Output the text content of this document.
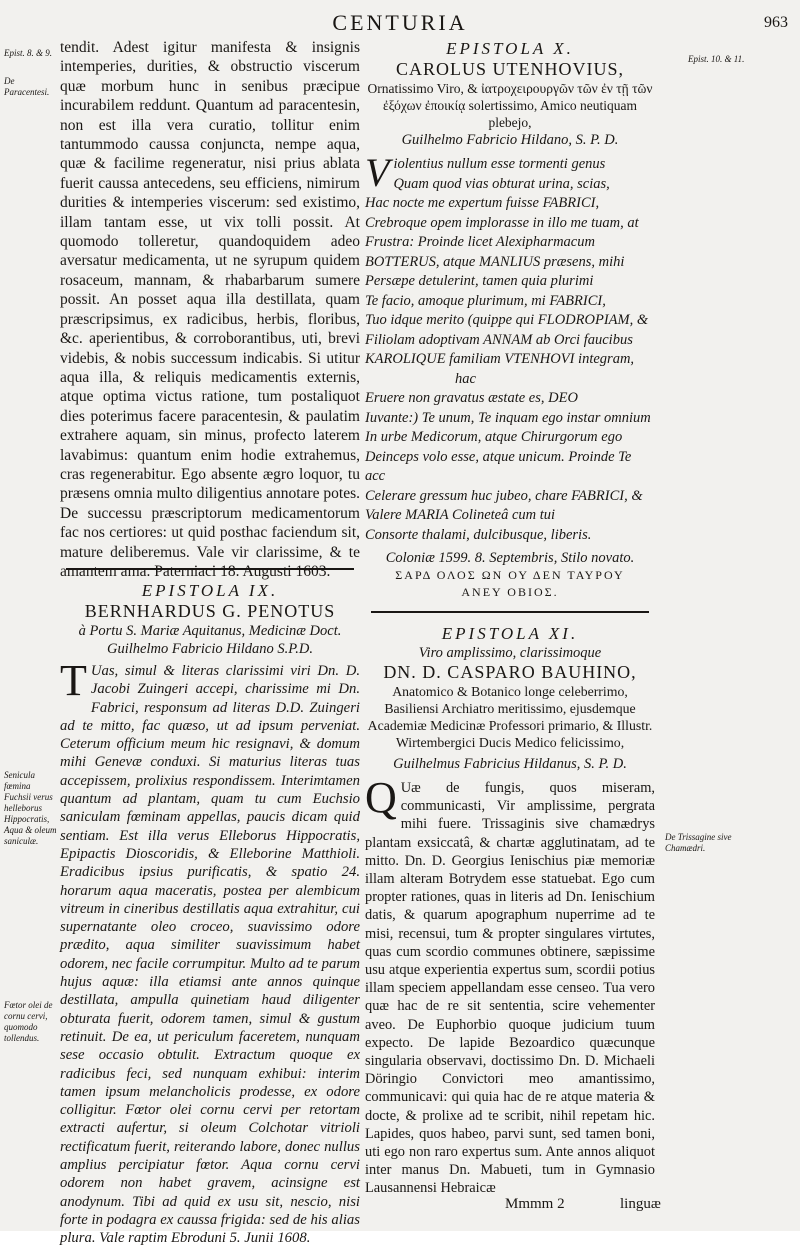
CENTURIA	963
Epist. 8. & 9.
De Paracentesi.
Senicula fœmina Fuchsii verus helleborus Hippocratis, Aqua & oleum saniculæ.
Fœtor olei de cornu cervi, quomodo tollendus.
Epist. 10. & 11.
De Trissagine sive Chamædri.

tendit. Adest igitur manifesta & insignis intemperies, durities, & obstructio viscerum quæ morbum hunc in senibus præcipue incurabilem reddunt. Quantum ad paracentesin, non est illa vera curatio, tollitur enim tantummodo caussa conjuncta, nempe aqua, quæ & facilime regeneratur, nisi prius ablata fuerit caussa antecedens, seu efficiens, nimirum durities & intemperies viscerum: sed existimo, illam tantam esse, ut vix tolli possit. At quomodo tolleretur, quandoquidem adeo aversatur medicamenta, ut ne syrupum quidem rosaceum, mannam, & rhabarbarum sumere possit. An posset aqua illa destillata, quam præscripsimus, ex radicibus, herbis, floribus, &c. aperientibus, & corroborantibus, uti, brevi videbis, & nobis successum indicabis. Si utitur aqua illa, & reliquis medicamentis externis, atque optima victus ratione, tum postaliquot dies poterimus facere paracentesin, & paulatim extrahere aquam, sin minus, profecto laterem lavabimus: quantum enim hodie extrahemus, cras regenerabitur. Ego absente ægro loquor, tu præsens omnia multo diligentius annotare potes. De successu præscriptorum medicamentorum fac nos certiores: ut quid posthac faciendum sit, mature deliberemus. Vale vir clarissime, & te amantem ama. Paterniaci 18. Augusti 1603.

EPISTOLA IX.

BERNHARDUS G. PENOTUS

à Portu S. Mariæ Aquitanus, Medicinæ Doct.

Guilhelmo Fabricio Hildano S.P.D.

T Uas, simul & literas clarissimi viri Dn. D. Jacobi Zuingeri accepi, charissime mi Dn. Fabrici, responsum ad literas D.D. Zuingeri ad te mitto, fac quæso, ut ad ipsum perveniat. Ceterum officium meum hic resignavi, & domum mihi Genevæ conduxi. Si maturius literas tuas accepissem, prolixius respondissem. Interimtamen quantum ad plantam, quam tu cum Euchsio saniculam fœminam appellas, paucis dicam quid sentiam. Est illa verus Elleborus Hippocratis, Epipactis Dioscoridis, & Elleborine Matthioli. Eradicibus ipsius purificatis, & spatio 24. horarum aqua maceratis, postea per alembicum vitreum in cineribus destillatis aqua extrahitur, cui supernatante oleo croceo, suavissimo odore prædito, aqua similiter suavissimum habet odorem, nec facile corrumpitur. Multo ad te parum hujus aquæ: illa etiamsi ante annos quinque destillata, ampulla quinetiam haud diligenter obturata fuerit, odorem tamen, simul & gustum retinuit. De ea, ut periculum faceretem, nunquam sese occasio obtulit. Extractum quoque ex radicibus feci, sed nunquam exhibui: interim tamen ipsum melancholicis prodesse, ex odore colligitur. Fœtor olei cornu cervi per retortam extracti aufertur, si oleum Colchotar vitrioli rectificatum fuerit, reiterando labore, donec nullus amplius percipiatur fœtor. Aqua cornu cervi odorem non habet gravem, acinsigne est anodynum. Tibi ad quid ex usu sit, nescio, nisi forte in podagra ex caussa frigida: sed de his alias plura. Vale raptim Ebroduni 5. Junii 1608.

EPISTOLA X.

CAROLUS UTENHOVIUS,

Ornatissimo Viro, & ἰατροχειρουργῶν τῶν ἐν τῇ τῶν ἐξόχων ἐποικίᾳ solertissimo, Amico neutiquam plebejo,

Guilhelmo Fabricio Hildano, S. P. D.

V iolentius nullum esse tormenti genus
Quam quod vias obturat urina, scias,
Hac nocte me expertum fuisse FABRICI,
Crebroque opem implorasse in illo me tuam, at
Frustra: Proinde licet Alexipharmacum
BOTTERUS, atque MANLIUS præsens, mihi
Persæpe detulerint, tamen quia plurimi
Te facio, amoque plurimum, mi FABRICI,
Tuo idque merito (quippe qui FLODROPIAM, &
Filiolam adoptivam ANNAM ab Orci faucibus
KAROLIQUE familiam VTENHOVI integram,
hac
Eruere non gravatus æstate es, DEO
Iuvante:) Te unum, Te inquam ego instar omnium
In urbe Medicorum, atque Chirurgorum ego
Deinceps volo esse, atque unicum. Proinde Te acc
Celerare gressum huc jubeo, chare FABRICI, &
Valere MARIA Colineteâ cum tui
Consorte thalami, dulcibusque, liberis.

Coloniæ 1599. 8. Septembris, Stilo novato.

ΣΑΡΔ ΟΛΟΣ ΩΝ ΟΥ ΔΕΝ ΤΑΥΡΟΥ

ΑΝΕΥ ΟΒΙΟΣ.

EPISTOLA XI.

Viro amplissimo, clarissimoque

DN. D. CASPARO BAUHINO,

Anatomico & Botanico longe celeberrimo, Basiliensi Archiatro meritissimo, ejusdemque Academiæ Medicinæ Professori primario, & Illustr. Wirtembergici Ducis Medico felicissimo,

Guilhelmus Fabricius Hildanus, S. P. D.

Q Uæ de fungis, quos miseram, communicasti, Vir amplissime, pergrata mihi fuere. Trissaginis sive chamædrys plantam exsiccatâ, & chartæ agglutinatam, ad te mitto. Dn. D. Georgius Ienischius piæ memoriæ illam alteram Botrydem esse statuebat. Ego cum propter rationes, quas in literis ad Dn. Ienischium datis, & quarum apographum nuperrime ad te misi, recensui, tum & propter singulares virtutes, quas cum scordio communes obtinere, sæpissime usu atque experientia expertus sum, scordii potius illam speciem appellandam esse censeo. Tua vero quæ hac de re sit sententia, scire vehementer aveo. De Euphorbio quoque judicium tuum expecto. De lapide Bezoardico quæcunque singularia observavi, doctissimo Dn. D. Michaeli Döringio Convictori meo amantissimo, communicavi: qui quia hac de re atque materia & docte, & prolixe ad te scribit, nihil repetam hic. Lapides, quos habeo, parvi sunt, sed tamen boni, uti ego non raro expertus sum. Ante annos aliquot inter manus Dn. Mabueti, tum in Gymnasio Lausannensi Hebraicæ

Mmmm 2	linguæ
